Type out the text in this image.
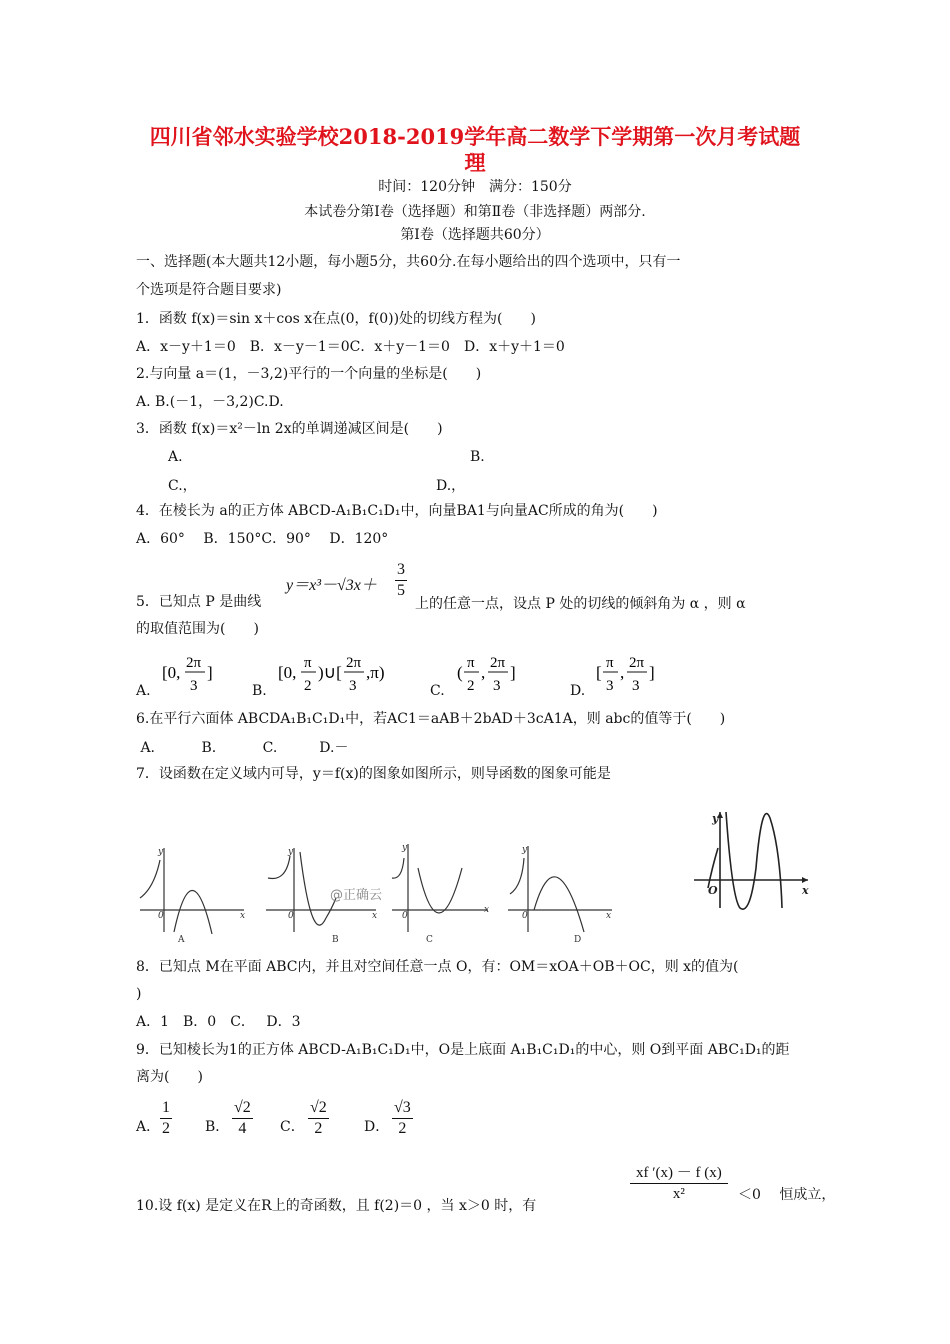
四川省邻水实验学校2018-2019学年高二数学下学期第一次月考试题
理
时间：120分钟　满分：150分
本试卷分第Ⅰ卷（选择题）和第Ⅱ卷（非选择题）两部分.
第Ⅰ卷（选择题共60分）
一、选择题(本大题共12小题，每小题5分，共60分.在每小题给出的四个选项中，只有一
个选项是符合题目要求)
1．函数 f(x)＝sin x＋cos x在点(0，f(0))处的切线方程为(　　)
A．x－y＋1＝0　B．x－y－1＝0C．x＋y－1＝0　D．x＋y＋1＝0
2.与向量 a＝(1，－3,2)平行的一个向量的坐标是(　　)
A. B.(－1，－3,2)C.D.
3．函数 f(x)＝x²－ln 2x的单调递减区间是(　　)
A.	B.
C.，	D.，
4．在棱长为 a的正方体 ABCD-A₁B₁C₁D₁中，向量BA1与向量AC所成的角为(　　)
A．60°　 B．150°C．90°　 D．120°
$y=x^3-√3x+ \frac{3}{5}$
5．已知点 P 是曲线	上的任意一点，设点 P 处的切线的倾斜角为 α ，则 α
的取值范围为(　　)
A.
[0, 2π
3
]
B.
[0, π
2
)∪[ 2π
3
,π)
C.
( π
2
, 2π
3
]
D.
[ π
3
, 2π
3
]
6.在平行六面体 ABCDA₁B₁C₁D₁中，若AC1＝aAB＋2bAD＋3cA1A，则 abc的值等于(　　)
A.　　　 B.　　　 C.　　　D.－
7．设函数在定义域内可导，y＝f(x)的图象如图所示，则导函数的图象可能是
y
0	x
A
y
0	x
B
y
0
x
C
y
0	x
D
@正确云
y
O	x
8．已知点 M在平面 ABC内，并且对空间任意一点 O，有：OM＝xOA＋OB＋OC，则 x的值为(
)
A．1　B．0　C．　 D．3
9．已知棱长为1的正方体 ABCD-A₁B₁C₁D₁中，O是上底面 A₁B₁C₁D₁的中心，则 O到平面 ABC₁D₁的距
离为(　　)
A． $\frac{1}{2}$ B． $\frac{√2}{4}$ C． $\frac{√2}{2}$	D． $\frac{√3}{2}$
10.设 f(x) 是定义在R上的奇函数，且 f(2)＝0 ，当 x＞0 时，有
$\frac{xf '(x) - f (x)}{\text{x²}} <0$　 恒成立，
